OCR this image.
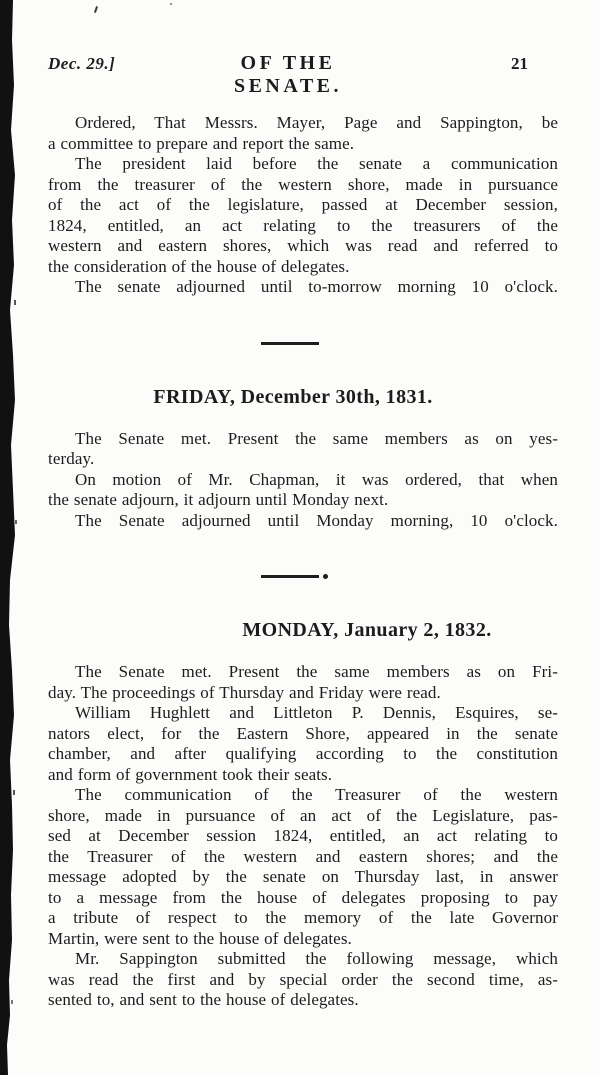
Dec. 29.]	OF THE SENATE.
21
Ordered, That Messrs. Mayer, Page and Sappington, be
a committee to prepare and report the same.
The president laid before the senate a communication
from the treasurer of the western shore, made in pursuance
of the act of the legislature, passed at December session,
1824, entitled, an act relating to the treasurers of the
western and eastern shores, which was read and referred to
the consideration of the house of delegates.
The senate adjourned until to-morrow morning 10 o'clock.
FRIDAY, December 30th, 1831.
The Senate met. Present the same members as on yes-
terday.
On motion of Mr. Chapman, it was ordered, that when
the senate adjourn, it adjourn until Monday next.
The Senate adjourned until Monday morning, 10 o'clock.
MONDAY, January 2, 1832.
The Senate met. Present the same members as on Fri-
day. The proceedings of Thursday and Friday were read.
William Hughlett and Littleton P. Dennis, Esquires, se-
nators elect, for the Eastern Shore, appeared in the senate
chamber, and after qualifying according to the constitution
and form of government took their seats.
The communication of the Treasurer of the western
shore, made in pursuance of an act of the Legislature, pas-
sed at December session 1824, entitled, an act relating to
the Treasurer of the western and eastern shores; and the
message adopted by the senate on Thursday last, in answer
to a message from the house of delegates proposing to pay
a tribute of respect to the memory of the late Governor
Martin, were sent to the house of delegates.
Mr. Sappington submitted the following message, which
was read the first and by special order the second time, as-
sented to, and sent to the house of delegates.
